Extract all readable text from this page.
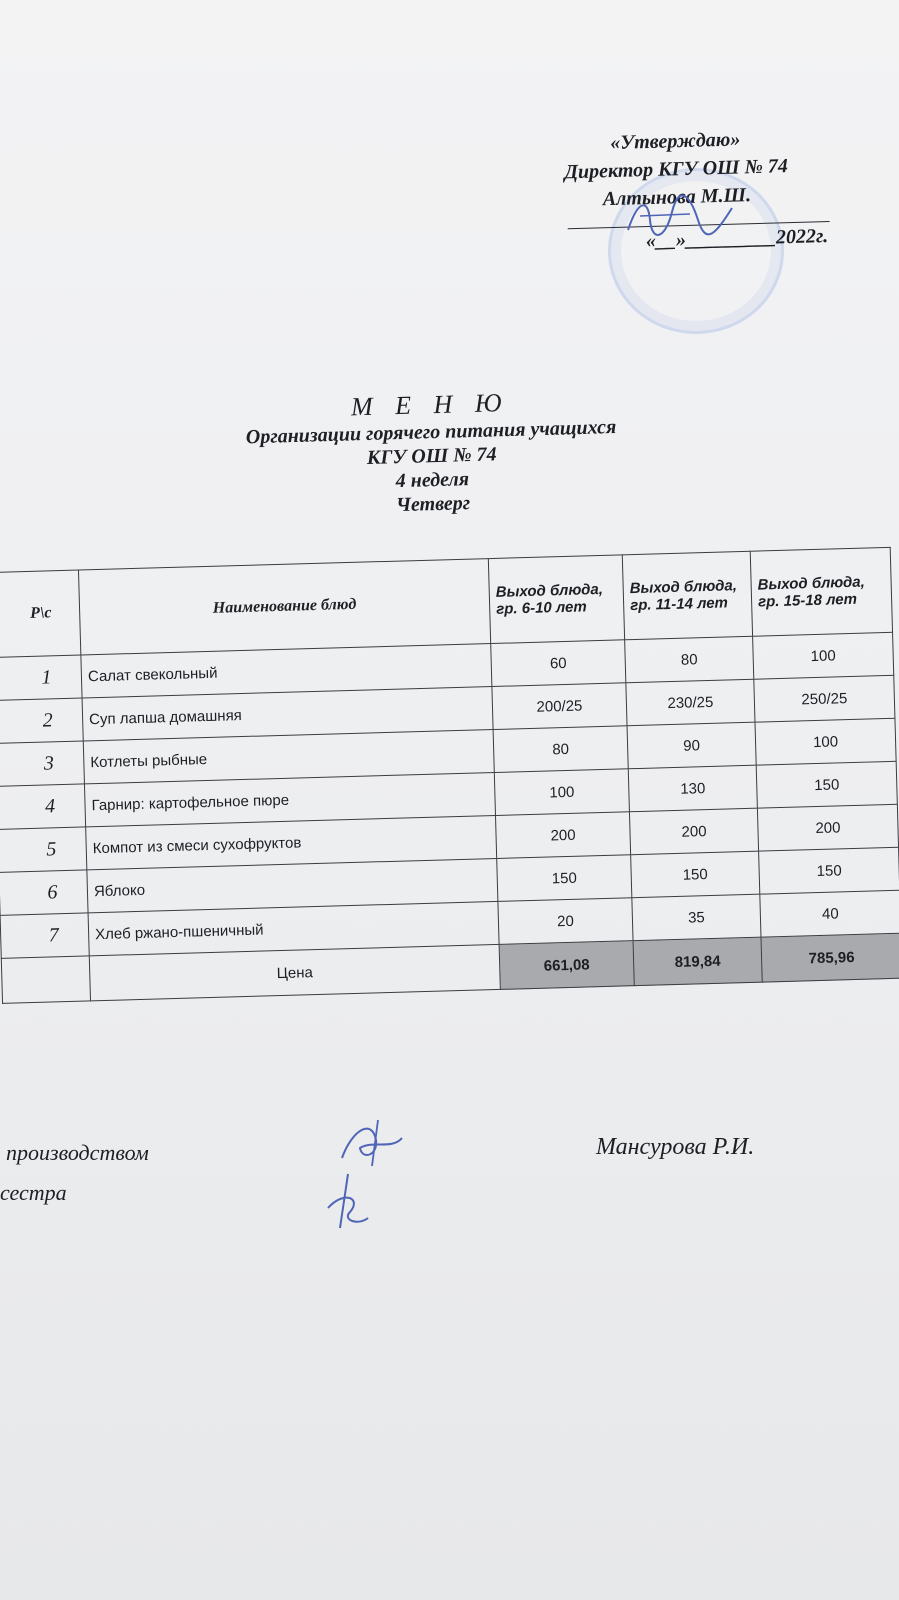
«Утверждаю»
Директор КГУ ОШ № 74
Алтынова М.Ш.
«__»_________2022г.
М Е Н Ю
Организации горячего питания учащихся
КГУ ОШ № 74
4 неделя
Четверг
Р\с	Наименование блюд	Выход блюда, гр. 6-10 лет	Выход блюда, гр. 11-14 лет	Выход блюда, гр. 15-18 лет
1	Салат свекольный	60	80	100
2	Суп лапша домашняя	200/25	230/25	250/25
3	Котлеты рыбные	80	90	100
4	Гарнир: картофельное пюре	100	130	150
5	Компот из смеси сухофруктов	200	200	200
6	Яблоко	150	150	150
7	Хлеб ржано-пшеничный	20	35	40
	Цена	661,08	819,84	785,96
производством
сестра
Мансурова Р.И.
